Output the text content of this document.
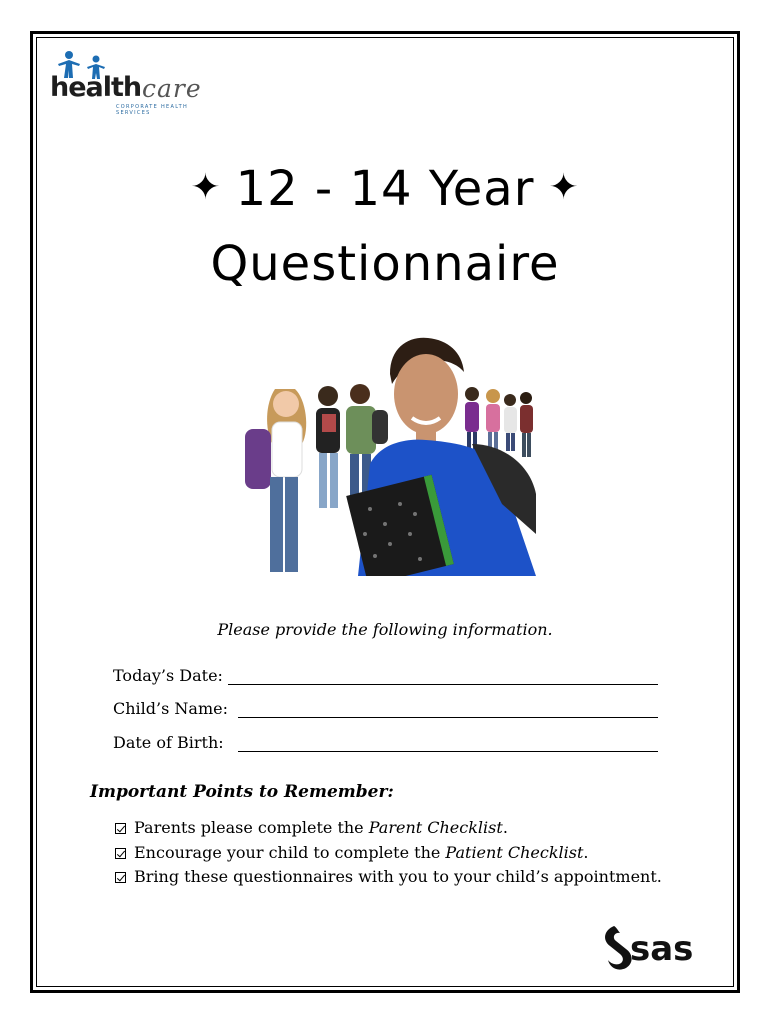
health care
CORPORATE HEALTH SERVICES
✦ 12 - 14 Year ✦
Questionnaire
Please provide the following information.
Today’s Date:
Child’s Name:
Date of Birth:
Important Points to Remember:
Parents please complete the Parent Checklist.
Encourage your child to complete the Patient Checklist.
Bring these questionnaires with you to your child’s appointment.
sas
